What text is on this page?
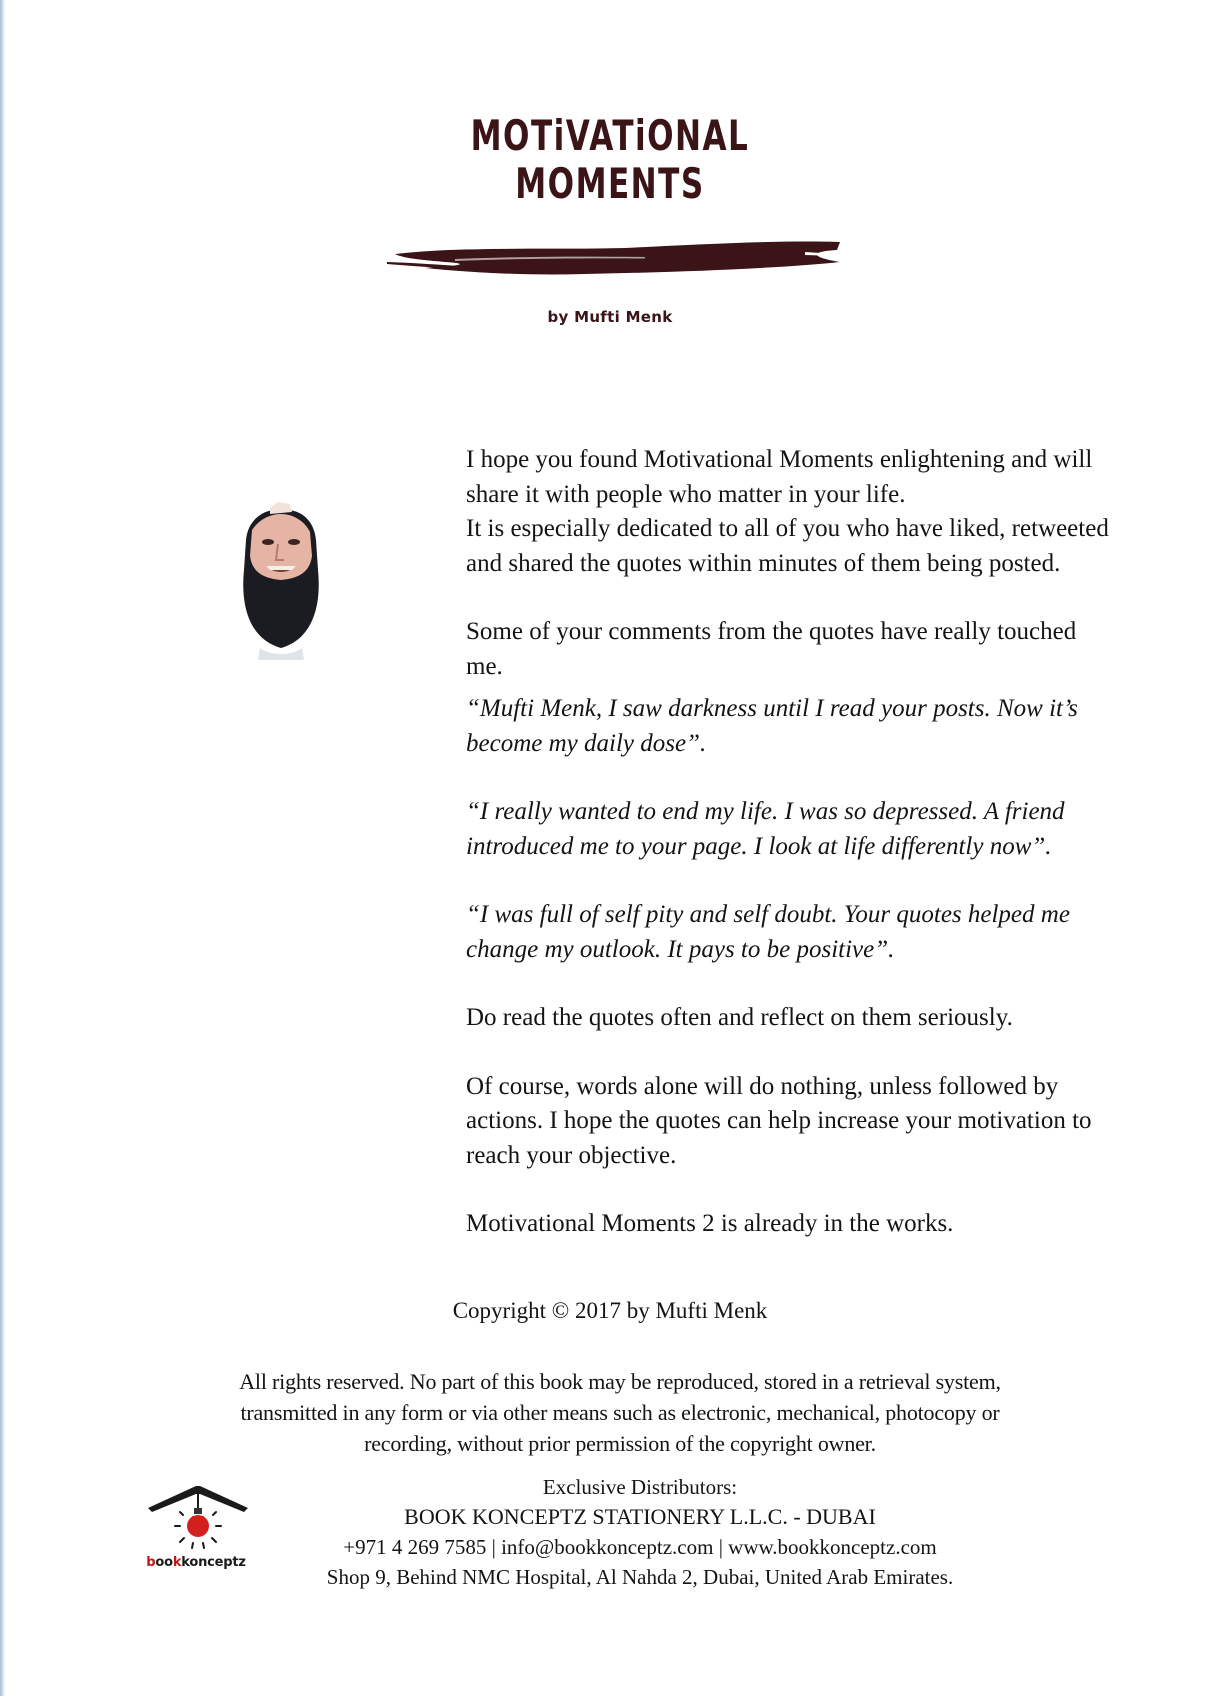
MOTiVATiONAL
MOMENTS
by Mufti Menk

I hope you found Motivational Moments enlightening and will share it with people who matter in your life.

It is especially dedicated to all of you who have liked, retweeted and shared the quotes within minutes of them being posted.

Some of your comments from the quotes have really touched me.

“Mufti Menk, I saw darkness until I read your posts. Now it’s become my daily dose”.

“I really wanted to end my life. I was so depressed. A friend introduced me to your page. I look at life differently now”.

“I was full of self pity and self doubt. Your quotes helped me change my outlook. It pays to be positive”.

Do read the quotes often and reflect on them seriously.

Of course, words alone will do nothing, unless followed by actions. I hope the quotes can help increase your motivation to reach your objective.

Motivational Moments 2 is already in the works.

Copyright © 2017 by Mufti Menk
All rights reserved. No part of this book may be reproduced, stored in a retrieval system,
transmitted in any form or via other means such as electronic, mechanical, photocopy or
recording, without prior permission of the copyright owner.
bookkonceptz
Exclusive Distributors:
BOOK KONCEPTZ STATIONERY L.L.C. - DUBAI
+971 4 269 7585 | info@bookkonceptz.com | www.bookkonceptz.com
Shop 9, Behind NMC Hospital, Al Nahda 2, Dubai, United Arab Emirates.
